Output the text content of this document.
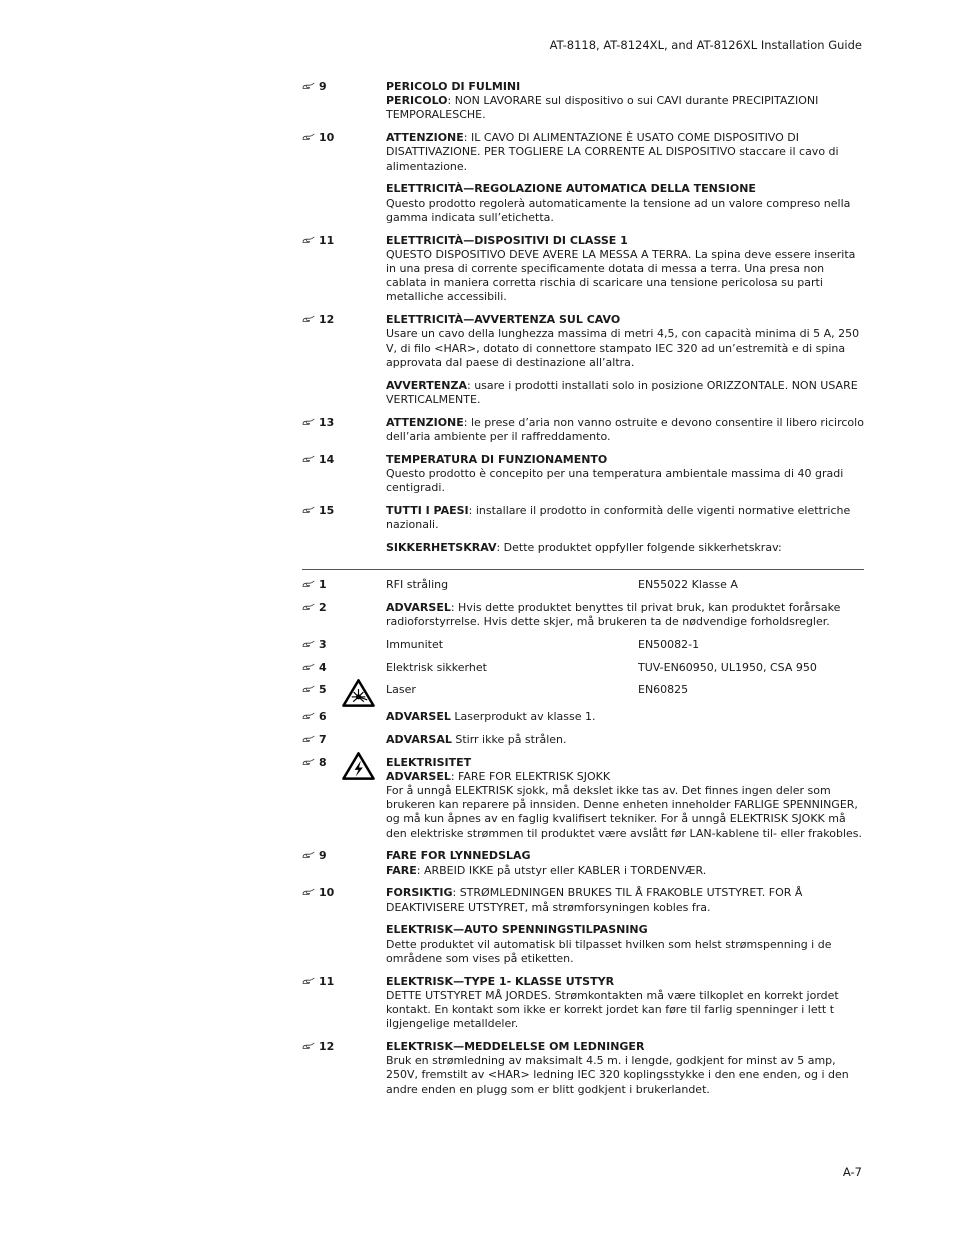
AT-8118, AT-8124XL, and AT-8126XL Installation Guide
9	PERICOLO DI FULMINI
PERICOLO: NON LAVORARE sul dispositivo o sui CAVI durante PRECIPITAZIONI TEMPORALESCHE.
10	ATTENZIONE: IL CAVO DI ALIMENTAZIONE È USATO COME DISPOSITIVO DI DISATTIVAZIONE. PER TOGLIERE LA CORRENTE AL DISPOSITIVO staccare il cavo di alimentazione.
ELETTRICITÀ—REGOLAZIONE AUTOMATICA DELLA TENSIONE
Questo prodotto regolerà automaticamente la tensione ad un valore compreso nella gamma indicata sull’etichetta.
11	ELETTRICITÀ—DISPOSITIVI DI CLASSE 1
QUESTO DISPOSITIVO DEVE AVERE LA MESSA A TERRA. La spina deve essere inserita in una presa di corrente specificamente dotata di messa a terra. Una presa non cablata in maniera corretta rischia di scaricare una tensione pericolosa su parti metalliche accessibili.
12	ELETTRICITÀ—AVVERTENZA SUL CAVO
Usare un cavo della lunghezza massima di metri 4,5, con capacità minima di 5 A, 250 V, di filo <HAR>, dotato di connettore stampato IEC 320 ad un’estremità e di spina approvata dal paese di destinazione all’altra.
AVVERTENZA: usare i prodotti installati solo in posizione ORIZZONTALE. NON USARE VERTICALMENTE.
13	ATTENZIONE: le prese d’aria non vanno ostruite e devono consentire il libero ricircolo dell’aria ambiente per il raffreddamento.
14	TEMPERATURA DI FUNZIONAMENTO
Questo prodotto è concepito per una temperatura ambientale massima di 40 gradi centigradi.
15	TUTTI I PAESI: installare il prodotto in conformità delle vigenti normative elettriche nazionali.
SIKKERHETSKRAV: Dette produktet oppfyller folgende sikkerhetskrav:
1	RFI stråling	EN55022 Klasse A
2	ADVARSEL: Hvis dette produktet benyttes til privat bruk, kan produktet forårsake radioforstyrrelse. Hvis dette skjer, må brukeren ta de nødvendige forholdsregler.
3	Immunitet	EN50082-1
4	Elektrisk sikkerhet	TUV-EN60950, UL1950, CSA 950
5	Laser	EN60825
6	ADVARSEL Laserprodukt av klasse 1.
7	ADVARSAL Stirr ikke på strålen.
8	ELEKTRISITET
ADVARSEL: FARE FOR ELEKTRISK SJOKK
For å unngå ELEKTRISK sjokk, må dekslet ikke tas av. Det finnes ingen deler som brukeren kan reparere på innsiden. Denne enheten inneholder FARLIGE SPENNINGER, og må kun åpnes av en faglig kvalifisert tekniker. For å unngå ELEKTRISK SJOKK må den elektriske strømmen til produktet være avslått før LAN-kablene til- eller frakobles.
9	FARE FOR LYNNEDSLAG
FARE: ARBEID IKKE på utstyr eller KABLER i TORDENVÆR.
10	FORSIKTIG: STRØMLEDNINGEN BRUKES TIL Å FRAKOBLE UTSTYRET. FOR Å DEAKTIVISERE UTSTYRET, må strømforsyningen kobles fra.
ELEKTRISK—AUTO SPENNINGSTILPASNING
Dette produktet vil automatisk bli tilpasset hvilken som helst strømspenning i de områdene som vises på etiketten.
11	ELEKTRISK—TYPE 1- KLASSE UTSTYR
DETTE UTSTYRET MÅ JORDES. Strømkontakten må være tilkoplet en korrekt jordet kontakt. En kontakt som ikke er korrekt jordet kan føre til farlig spenninger i lett t ilgjengelige metalldeler.
12	ELEKTRISK—MEDDELELSE OM LEDNINGER
Bruk en strømledning av maksimalt 4.5 m. i lengde, godkjent for minst av 5 amp, 250V, fremstilt av <HAR> ledning IEC 320 koplingsstykke i den ene enden, og i den andre enden en plugg som er blitt godkjent i brukerlandet.
A-7
